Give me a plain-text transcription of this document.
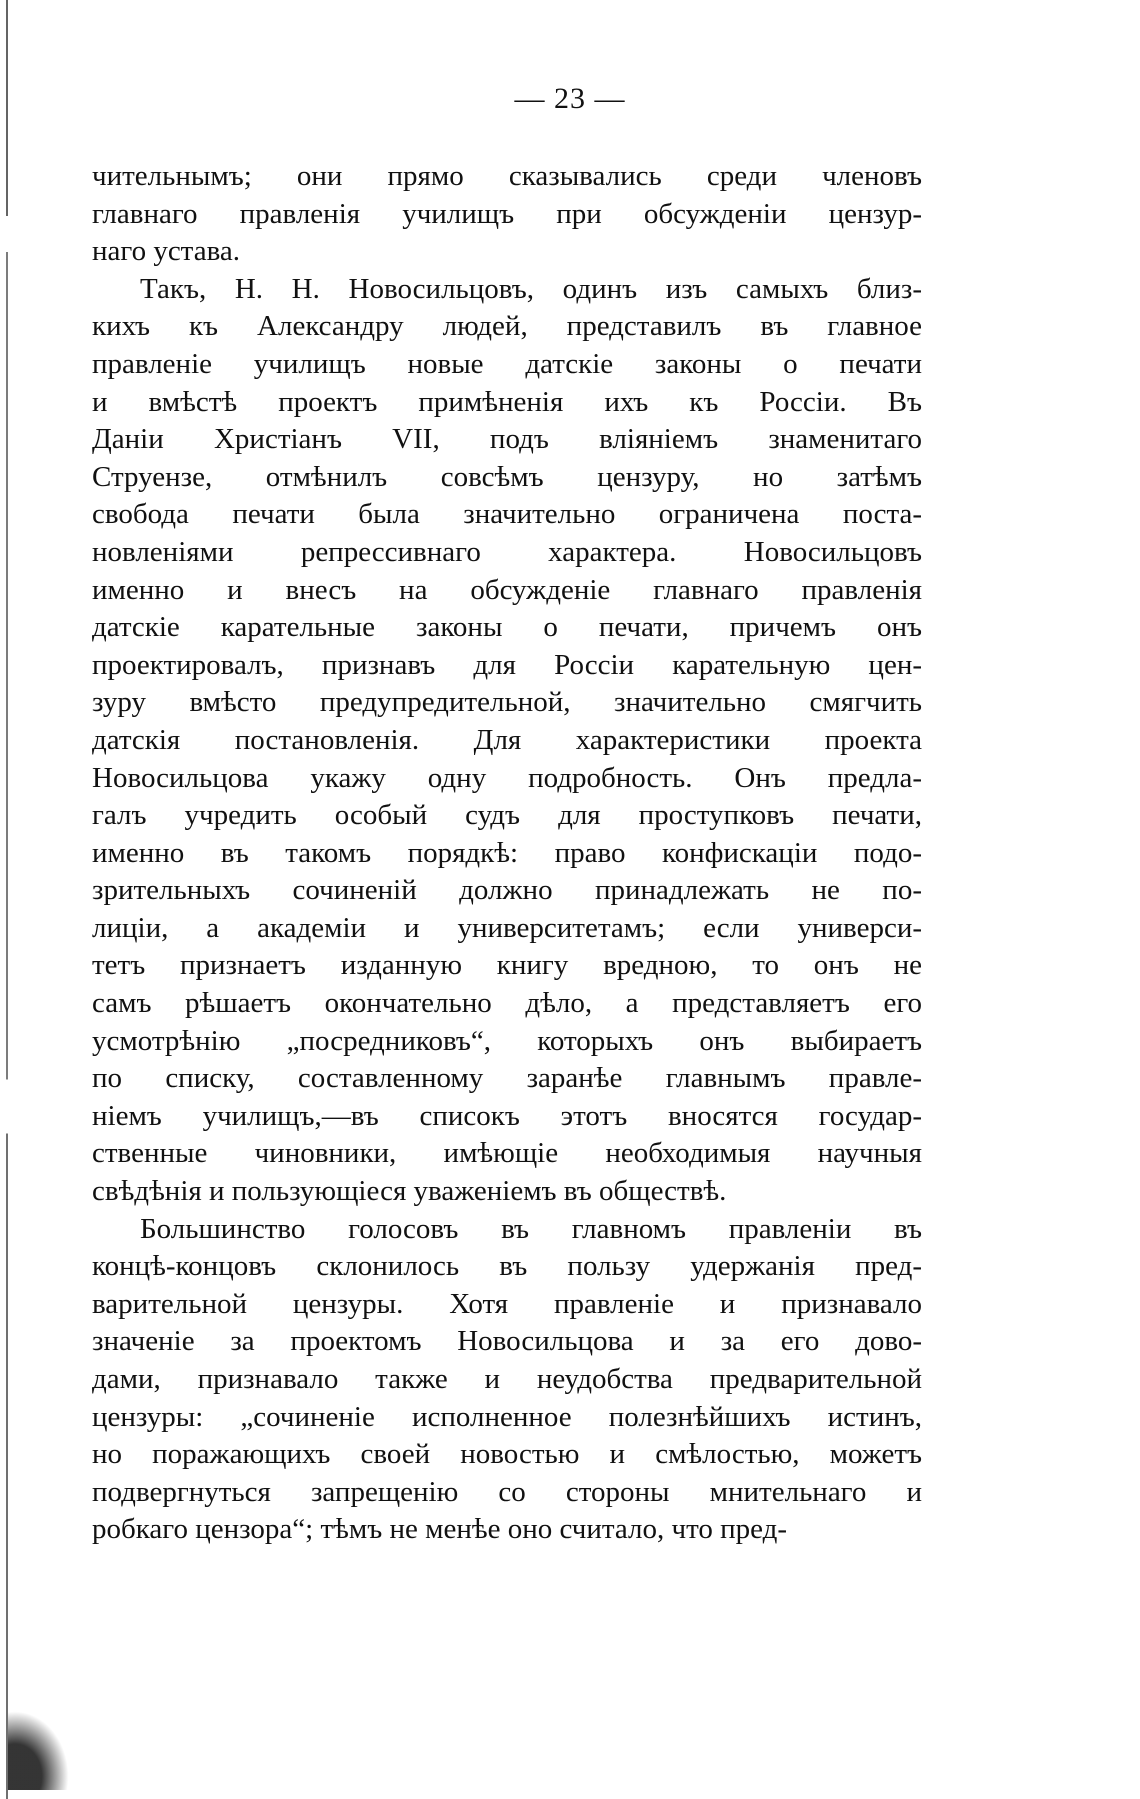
— 23 —
чительнымъ; они прямо сказывались среди членовъ
главнаго правленія училищъ при обсужденіи цензур-
наго устава.
Такъ, Н. Н. Новосильцовъ, одинъ изъ самыхъ близ-
кихъ къ Александру людей, представилъ въ главное
правленіе училищъ новые датскіе законы о печати
и вмѣстѣ проектъ примѣненія ихъ къ Россіи. Въ
Даніи Христіанъ VII, подъ вліяніемъ знаменитаго
Струензе, отмѣнилъ совсѣмъ цензуру, но затѣмъ
свобода печати была значительно ограничена поста-
новленіями репрессивнаго характера. Новосильцовъ
именно и внесъ на обсужденіе главнаго правленія
датскіе карательные законы о печати, причемъ онъ
проектировалъ, признавъ для Россіи карательную цен-
зуру вмѣсто предупредительной, значительно смягчить
датскія постановленія. Для характеристики проекта
Новосильцова укажу одну подробность. Онъ предла-
галъ учредить особый судъ для проступковъ печати,
именно въ такомъ порядкѣ: право конфискаціи подо-
зрительныхъ сочиненій должно принадлежать не по-
лиціи, а академіи и университетамъ; если универси-
тетъ признаетъ изданную книгу вредною, то онъ не
самъ рѣшаетъ окончательно дѣло, а представляетъ его
усмотрѣнію „посредниковъ“, которыхъ онъ выбираетъ
по списку, составленному заранѣе главнымъ правле-
ніемъ училищъ,—въ списокъ этотъ вносятся государ-
ственные чиновники, имѣющіе необходимыя научныя
свѣдѣнія и пользующіеся уваженіемъ въ обществѣ.
Большинство голосовъ въ главномъ правленіи въ
концѣ-концовъ склонилось въ пользу удержанія пред-
варительной цензуры. Хотя правленіе и признавало
значеніе за проектомъ Новосильцова и за его дово-
дами, признавало также и неудобства предварительной
цензуры: „сочиненіе исполненное полезнѣйшихъ истинъ,
но поражающихъ своей новостью и смѣлостью, можетъ
подвергнуться запрещенію со стороны мнительнаго и
робкаго цензора“; тѣмъ не менѣе оно считало, что пред-
